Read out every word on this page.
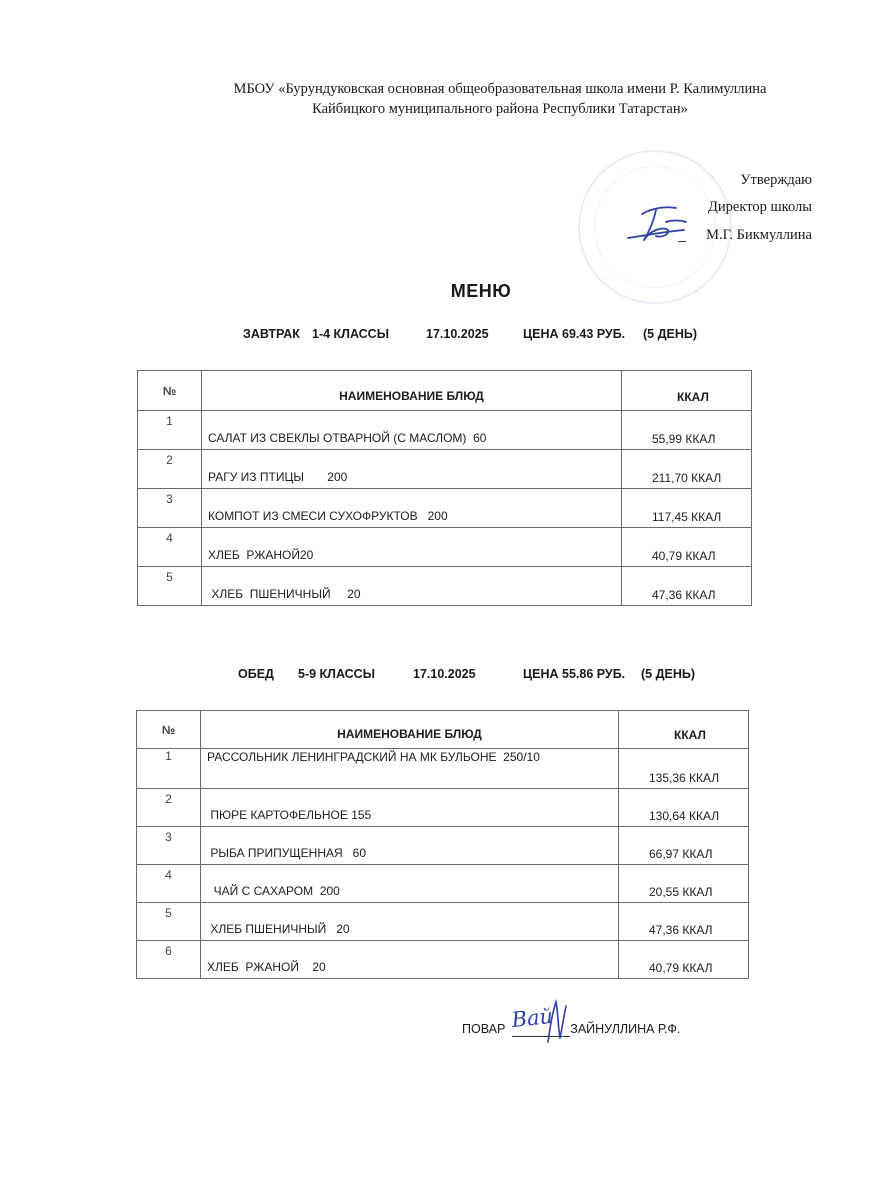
МБОУ «Бурундуковская основная общеобразовательная школа имени Р. Калимуллина
Кайбицкого муниципального района Республики Татарстан»
Утверждаю
Директор школы
М.Г. Бикмуллина
МЕНЮ
ЗАВТРАК 1-4 КЛАССЫ	17.10.2025	ЦЕНА 69.43 РУБ. (5 ДЕНЬ)
№	НАИМЕНОВАНИЕ БЛЮД	ККАЛ
1	САЛАТ ИЗ СВЕКЛЫ ОТВАРНОЙ (С МАСЛОМ)  60	55,99 ККАЛ
2	РАГУ ИЗ ПТИЦЫ       200	211,70 ККАЛ
3	КОМПОТ ИЗ СМЕСИ СУХОФРУКТОВ   200	117,45 ККАЛ
4	ХЛЕБ  РЖАНОЙ20	40,79 ККАЛ
5	ХЛЕБ  ПШЕНИЧНЫЙ     20	47,36 ККАЛ
ОБЕД 5-9 КЛАССЫ	17.10.2025	ЦЕНА 55.86 РУБ. (5 ДЕНЬ)
№	НАИМЕНОВАНИЕ БЛЮД	ККАЛ
1	РАССОЛЬНИК ЛЕНИНГРАДСКИЙ НА МК БУЛЬОНЕ  250/10	135,36 ККАЛ
2	ПЮРЕ КАРТОФЕЛЬНОЕ 155	130,64 ККАЛ
3	РЫБА ПРИПУЩЕННАЯ   60	66,97 ККАЛ
4	ЧАЙ С САХАРОМ  200	20,55 ККАЛ
5	ХЛЕБ ПШЕНИЧНЫЙ   20	47,36 ККАЛ
6	ХЛЕБ  РЖАНОЙ    20	40,79 ККАЛ
ПОВАР	ЗАЙНУЛЛИНА Р.Ф.
Вай
